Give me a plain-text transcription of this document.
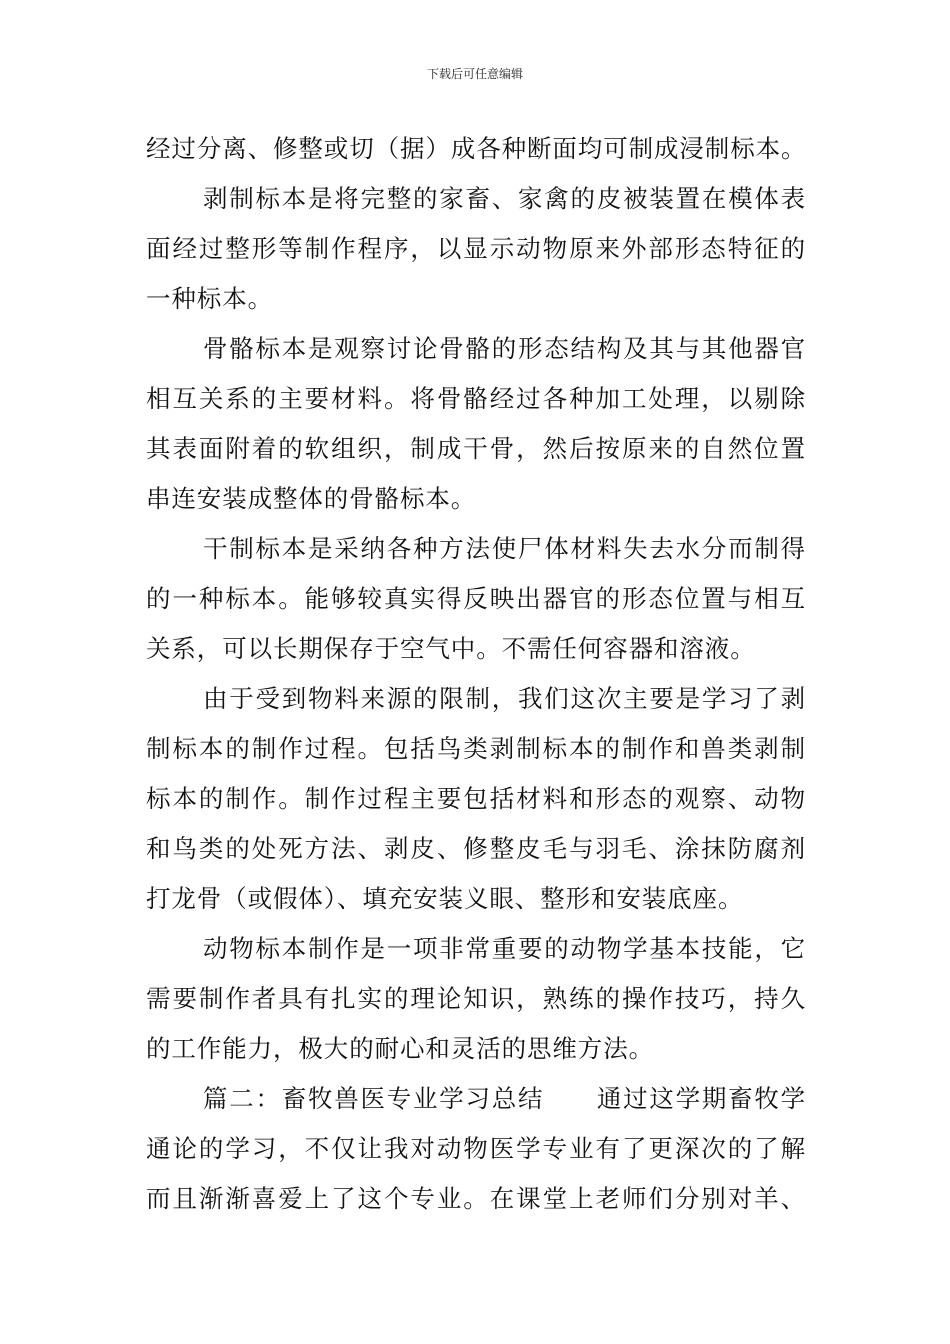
下载后可任意编辑
经过分离、修整或切（据）成各种断面均可制成浸制标本。
剥制标本是将完整的家畜、家禽的皮被装置在模体表
面经过整形等制作程序，以显示动物原来外部形态特征的
一种标本。
骨骼标本是观察讨论骨骼的形态结构及其与其他器官
相互关系的主要材料。将骨骼经过各种加工处理，以剔除
其表面附着的软组织，制成干骨，然后按原来的自然位置
串连安装成整体的骨骼标本。
干制标本是采纳各种方法使尸体材料失去水分而制得
的一种标本。能够较真实得反映出器官的形态位置与相互
关系，可以长期保存于空气中。不需任何容器和溶液。
由于受到物料来源的限制，我们这次主要是学习了剥
制标本的制作过程。包括鸟类剥制标本的制作和兽类剥制
标本的制作。制作过程主要包括材料和形态的观察、动物
和鸟类的处死方法、剥皮、修整皮毛与羽毛、涂抹防腐剂
打龙骨（或假体）、填充安装义眼、整形和安装底座。
动物标本制作是一项非常重要的动物学基本技能，它
需要制作者具有扎实的理论知识，熟练的操作技巧，持久
的工作能力，极大的耐心和灵活的思维方法。
篇二：畜牧兽医专业学习总结　　通过这学期畜牧学
通论的学习，不仅让我对动物医学专业有了更深次的了解
而且渐渐喜爱上了这个专业。在课堂上老师们分别对羊、
